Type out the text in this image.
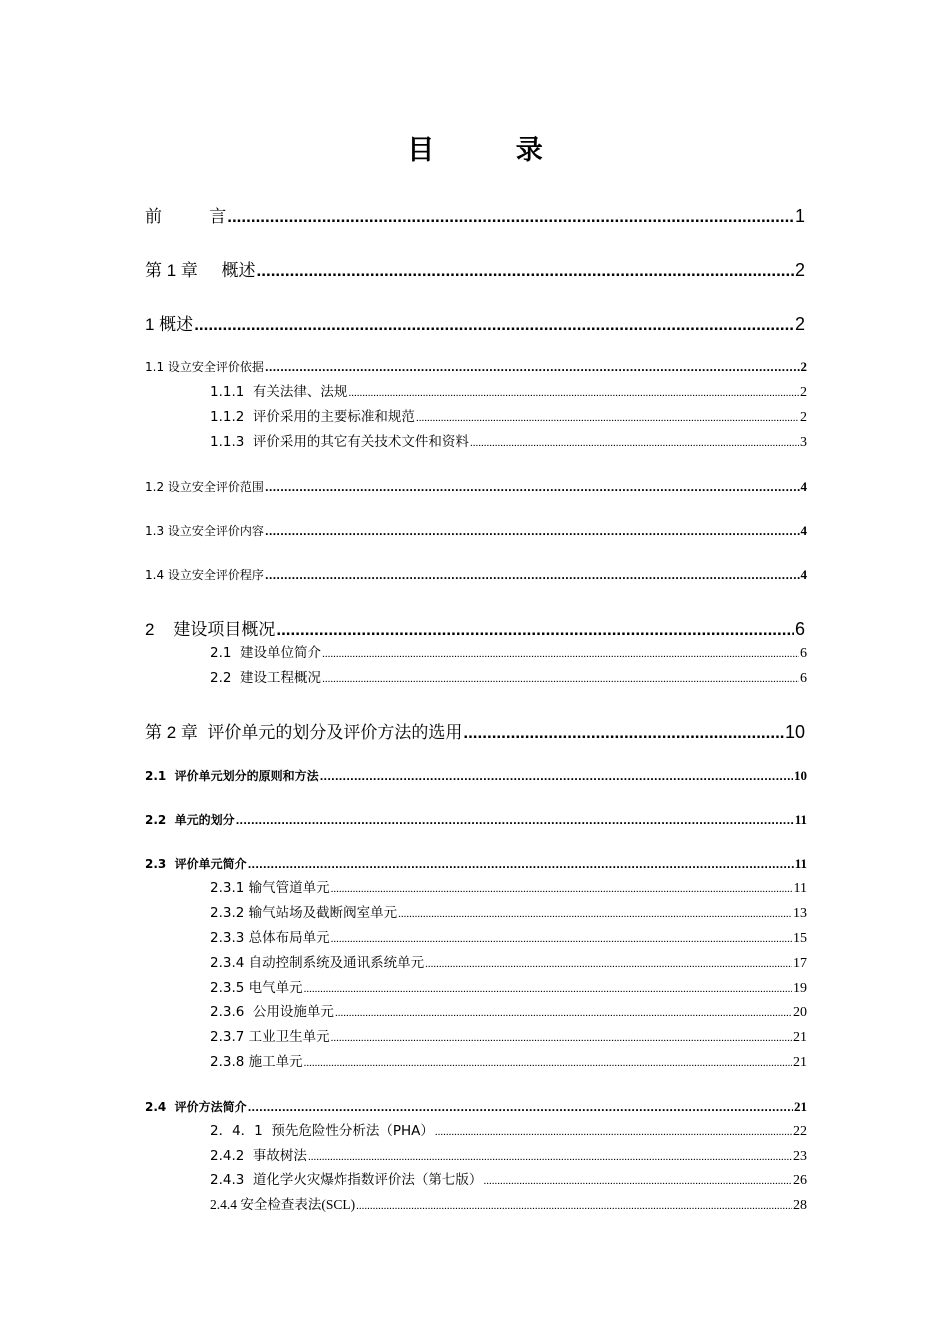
目 录
前          言 .....	1
第 1 章     概述 .....	2
1 概述 .....	2
1.1 设立安全评价依据 .....	2
1.1.1  有关法律、法规 .....	2
1.1.2  评价采用的主要标准和规范 .....	2
1.1.3  评价采用的其它有关技术文件和资料 .....	3
1.2 设立安全评价范围 .....	4
1.3 设立安全评价内容 .....	4
1.4 设立安全评价程序 .....	4
2    建设项目概况 .....	6
2.1  建设单位简介 .....	6
2.2  建设工程概况 .....	6
第 2 章  评价单元的划分及评价方法的选用 .....	10
2.1  评价单元划分的原则和方法 .....	10
2.2  单元的划分 .....	11
2.3  评价单元简介 .....	11
2.3.1 输气管道单元 .....	11
2.3.2 输气站场及截断阀室单元 .....	13
2.3.3 总体布局单元 .....	15
2.3.4 自动控制系统及通讯系统单元 .....	17
2.3.5 电气单元 .....	19
2.3.6  公用设施单元 .....	20
2.3.7 工业卫生单元 .....	21
2.3.8 施工单元 .....	21
2.4  评价方法简介 .....	21
2．4．1  预先危险性分析法（PHA） .....	22
2.4.2  事故树法 .....	23
2.4.3  道化学火灾爆炸指数评价法（第七版） .....	26
2.4.4 安全检查表法(SCL) .....	28
